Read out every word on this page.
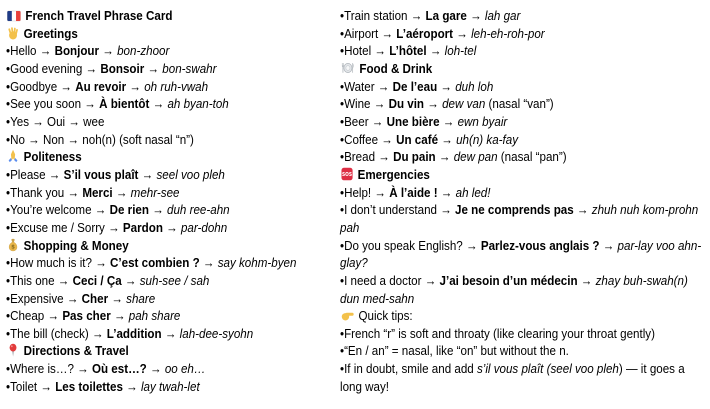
French Travel Phrase Card
Greetings
•Hello → Bonjour → bon-zhoor
•Good evening → Bonsoir → bon-swahr
•Goodbye → Au revoir → oh ruh-vwah
•See you soon → À bientôt → ah byan-toh
•Yes → Oui → wee
•No → Non → noh(n) (soft nasal “n”)
Politeness
•Please → S’il vous plaît → seel voo pleh
•Thank you → Merci → mehr-see
•You’re welcome → De rien → duh ree-ahn
•Excuse me / Sorry → Pardon → par-dohn
$ Shopping & Money
•How much is it? → C’est combien ? → say kohm-byen
•This one → Ceci / Ça → suh-see / sah
•Expensive → Cher → share
•Cheap → Pas cher → pah share
•The bill (check) → L’addition → lah-dee-syohn
Directions & Travel
•Where is…? → Où est…? → oo eh…
•Toilet → Les toilettes → lay twah-let
•Train station → La gare → lah gar
•Airport → L’aéroport → leh-eh-roh-por
•Hotel → L’hôtel → loh-tel
Food & Drink
•Water → De l’eau → duh loh
•Wine → Du vin → dew van (nasal “van”)
•Beer → Une bière → ewn byair
•Coffee → Un café → uh(n) ka-fay
•Bread → Du pain → dew pan (nasal “pan”)
SOS Emergencies
•Help! → À l’aide ! → ah led!
•I don’t understand → Je ne comprends pas → zhuh nuh kom-prohn pah
•Do you speak English? → Parlez-vous anglais ? → par-lay voo ahn-glay?
•I need a doctor → J’ai besoin d’un médecin → zhay buh-swah(n) dun med-sahn
Quick tips:
•French “r” is soft and throaty (like clearing your throat gently)
•“En / an” = nasal, like “on” but without the n.
•If in doubt, smile and add s’il vous plaît (seel voo pleh) — it goes a long way!
